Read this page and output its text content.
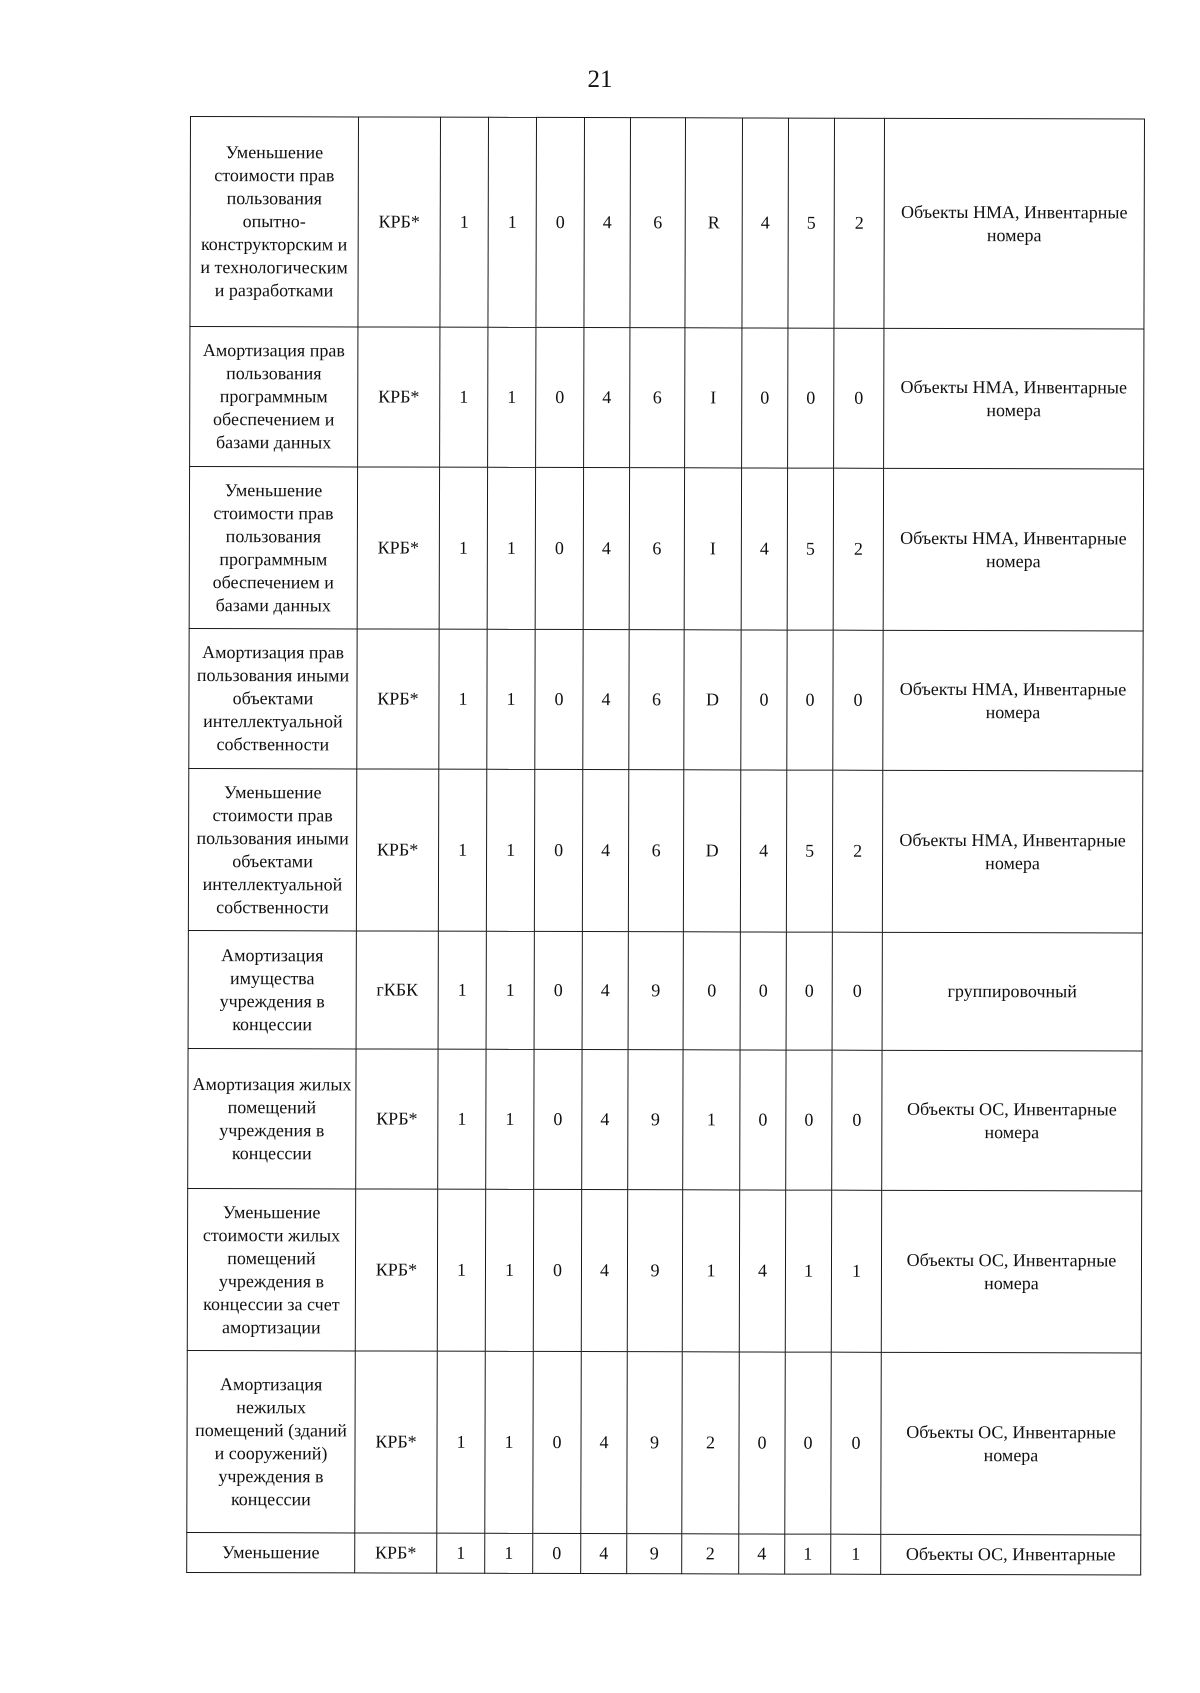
21
Уменьшение стоимости прав пользования опытно-конструкторским и и технологическим и разработками	КРБ*	1	1	0	4	6	R	4	5	2	Объекты НМА, Инвентарные номера
Амортизация прав пользования программным обеспечением и базами данных	КРБ*	1	1	0	4	6	I	0	0	0	Объекты НМА, Инвентарные номера
Уменьшение стоимости прав пользования программным обеспечением и базами данных	КРБ*	1	1	0	4	6	I	4	5	2	Объекты НМА, Инвентарные номера
Амортизация прав пользования иными объектами интеллектуальной собственности	КРБ*	1	1	0	4	6	D	0	0	0	Объекты НМА, Инвентарные номера
Уменьшение стоимости прав пользования иными объектами интеллектуальной собственности	КРБ*	1	1	0	4	6	D	4	5	2	Объекты НМА, Инвентарные номера
Амортизация имущества учреждения в концессии	гКБК	1	1	0	4	9	0	0	0	0	группировочный
Амортизация жилых помещений учреждения в концессии	КРБ*	1	1	0	4	9	1	0	0	0	Объекты ОС, Инвентарные номера
Уменьшение стоимости жилых помещений учреждения в концессии за счет амортизации	КРБ*	1	1	0	4	9	1	4	1	1	Объекты ОС, Инвентарные номера
Амортизация нежилых помещений (зданий и сооружений) учреждения в концессии	КРБ*	1	1	0	4	9	2	0	0	0	Объекты ОС, Инвентарные номера
Уменьшение	КРБ*	1	1	0	4	9	2	4	1	1	Объекты ОС, Инвентарные
